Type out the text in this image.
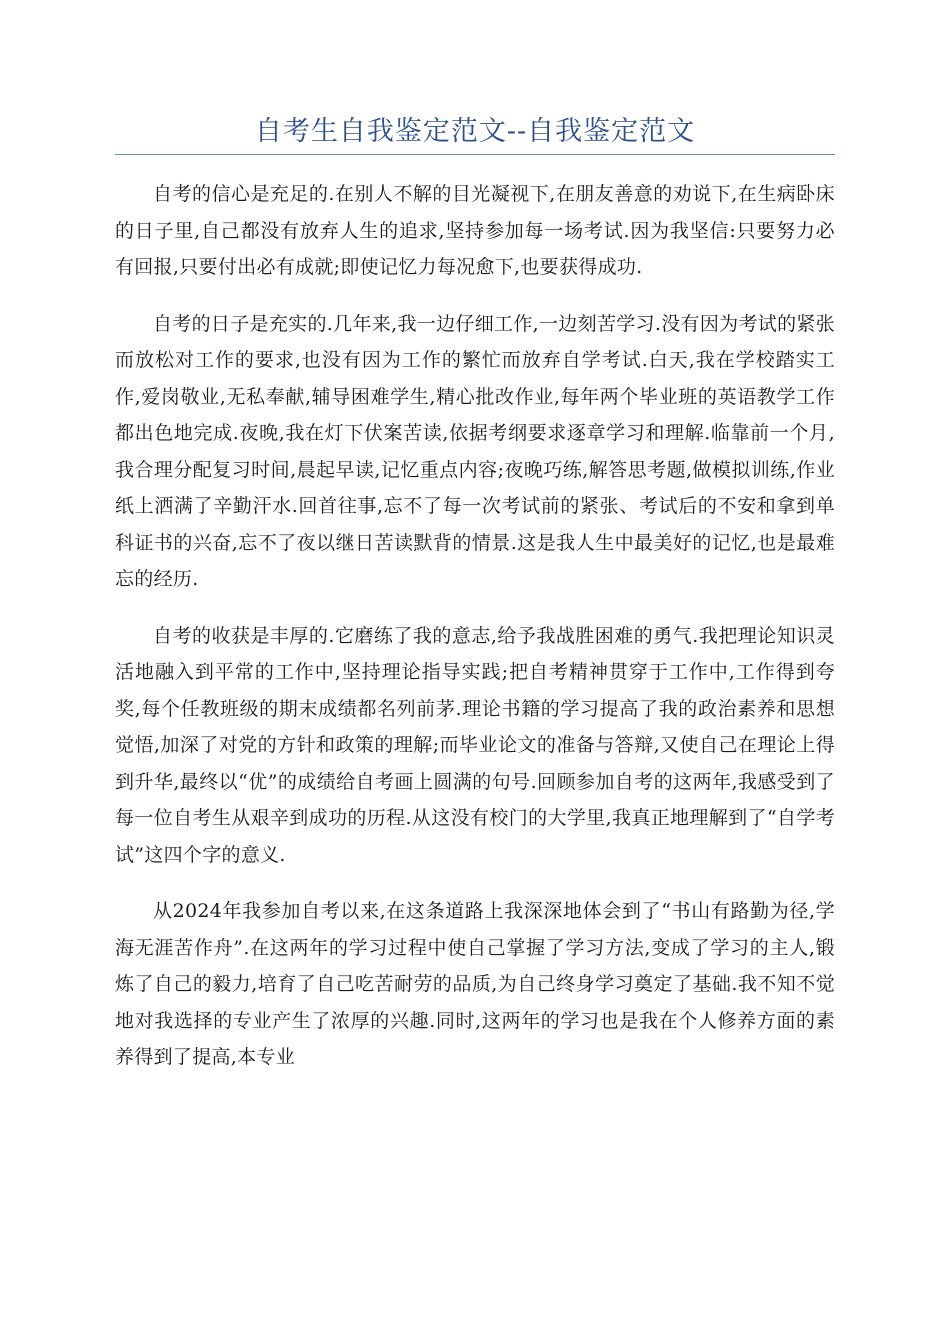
自考生自我鉴定范文--自我鉴定范文

自考的信心是充足的.在别人不解的目光凝视下,在朋友善意的劝说下,在生病卧床的日子里,自己都没有放弃人生的追求,坚持参加每一场考试.因为我坚信:只要努力必有回报,只要付出必有成就;即使记忆力每况愈下,也要获得成功.

自考的日子是充实的.几年来,我一边仔细工作,一边刻苦学习.没有因为考试的紧张而放松对工作的要求,也没有因为工作的繁忙而放弃自学考试.白天,我在学校踏实工作,爱岗敬业,无私奉献,辅导困难学生,精心批改作业,每年两个毕业班的英语教学工作都出色地完成.夜晚,我在灯下伏案苦读,依据考纲要求逐章学习和理解.临靠前一个月,我合理分配复习时间,晨起早读,记忆重点内容;夜晚巧练,解答思考题,做模拟训练,作业纸上洒满了辛勤汗水.回首往事,忘不了每一次考试前的紧张、考试后的不安和拿到单科证书的兴奋,忘不了夜以继日苦读默背的情景.这是我人生中最美好的记忆,也是最难忘的经历.

自考的收获是丰厚的.它磨练了我的意志,给予我战胜困难的勇气.我把理论知识灵活地融入到平常的工作中,坚持理论指导实践;把自考精神贯穿于工作中,工作得到夸奖,每个任教班级的期末成绩都名列前茅.理论书籍的学习提高了我的政治素养和思想觉悟,加深了对党的方针和政策的理解;而毕业论文的准备与答辩,又使自己在理论上得到升华,最终以“优”的成绩给自考画上圆满的句号.回顾参加自考的这两年,我感受到了每一位自考生从艰辛到成功的历程.从这没有校门的大学里,我真正地理解到了“自学考试”这四个字的意义.

从2024年我参加自考以来,在这条道路上我深深地体会到了“书山有路勤为径,学海无涯苦作舟”.在这两年的学习过程中使自己掌握了学习方法,变成了学习的主人,锻炼了自己的毅力,培育了自己吃苦耐劳的品质,为自己终身学习奠定了基础.我不知不觉地对我选择的专业产生了浓厚的兴趣.同时,这两年的学习也是我在个人修养方面的素养得到了提高,本专业
